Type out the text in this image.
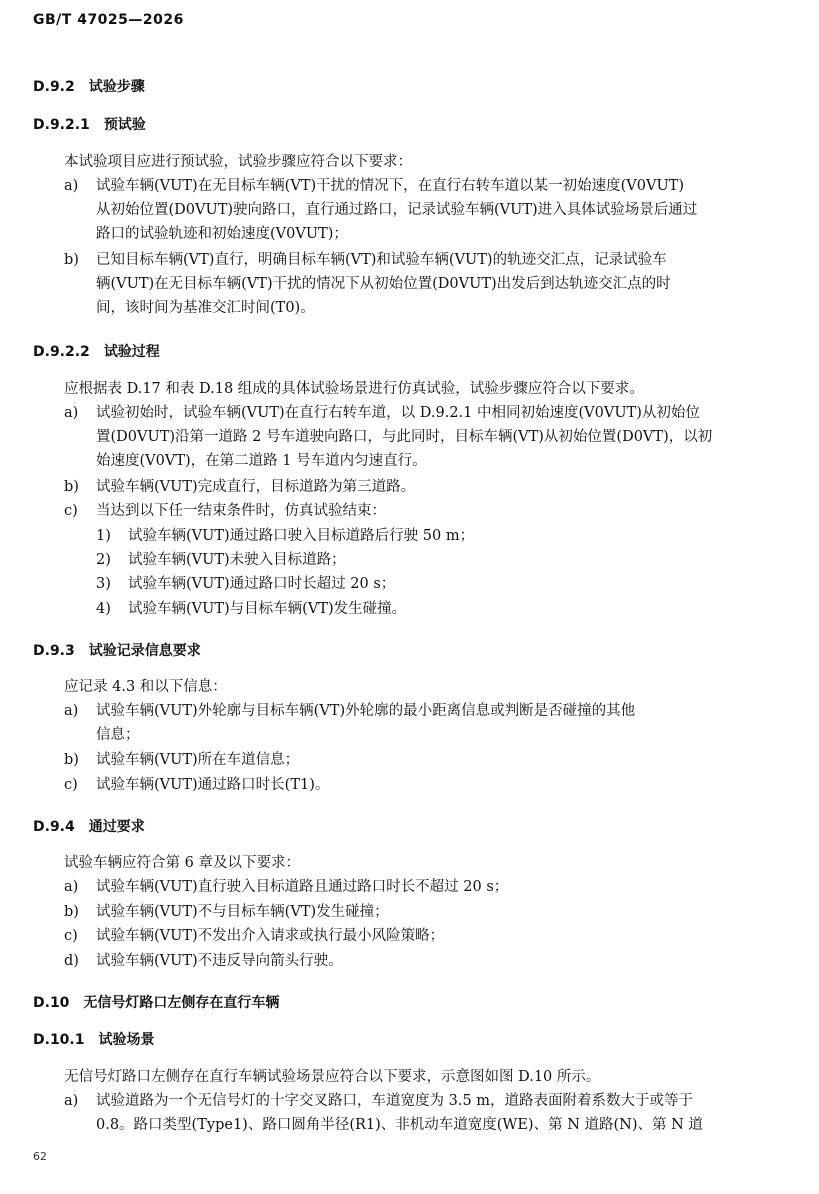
GB/T 47025—2026
D.9.2 试验步骤
D.9.2.1 预试验
本试验项目应进行预试验，试验步骤应符合以下要求：
a)	试验车辆(VUT)在无目标车辆(VT)干扰的情况下，在直行右转车道以某一初始速度(V0VUT)
从初始位置(D0VUT)驶向路口，直行通过路口，记录试验车辆(VUT)进入具体试验场景后通过
路口的试验轨迹和初始速度(V0VUT)；
b)	已知目标车辆(VT)直行，明确目标车辆(VT)和试验车辆(VUT)的轨迹交汇点，记录试验车
辆(VUT)在无目标车辆(VT)干扰的情况下从初始位置(D0VUT)出发后到达轨迹交汇点的时
间，该时间为基准交汇时间(T0)。
D.9.2.2 试验过程
应根据表 D.17 和表 D.18 组成的具体试验场景进行仿真试验，试验步骤应符合以下要求。
a)	试验初始时，试验车辆(VUT)在直行右转车道，以 D.9.2.1 中相同初始速度(V0VUT)从初始位
置(D0VUT)沿第一道路 2 号车道驶向路口，与此同时，目标车辆(VT)从初始位置(D0VT)，以初
始速度(V0VT)，在第二道路 1 号车道内匀速直行。
b)	试验车辆(VUT)完成直行，目标道路为第三道路。
c)	当达到以下任一结束条件时，仿真试验结束：
1) 试验车辆(VUT)通过路口驶入目标道路后行驶 50 m；
2) 试验车辆(VUT)未驶入目标道路；
3) 试验车辆(VUT)通过路口时长超过 20 s；
4) 试验车辆(VUT)与目标车辆(VT)发生碰撞。
D.9.3 试验记录信息要求
应记录 4.3 和以下信息：
a)	试验车辆(VUT)外轮廓与目标车辆(VT)外轮廓的最小距离信息或判断是否碰撞的其他
信息；
b)	试验车辆(VUT)所在车道信息；
c)	试验车辆(VUT)通过路口时长(T1)。
D.9.4 通过要求
试验车辆应符合第 6 章及以下要求：
a)	试验车辆(VUT)直行驶入目标道路且通过路口时长不超过 20 s；
b)	试验车辆(VUT)不与目标车辆(VT)发生碰撞；
c)	试验车辆(VUT)不发出介入请求或执行最小风险策略；
d)	试验车辆(VUT)不违反导向箭头行驶。
D.10 无信号灯路口左侧存在直行车辆
D.10.1 试验场景
无信号灯路口左侧存在直行车辆试验场景应符合以下要求，示意图如图 D.10 所示。
a)	试验道路为一个无信号灯的十字交叉路口，车道宽度为 3.5 m，道路表面附着系数大于或等于
0.8。路口类型(Type1)、路口圆角半径(R1)、非机动车道宽度(WE)、第 N 道路(N)、第 N 道
62
